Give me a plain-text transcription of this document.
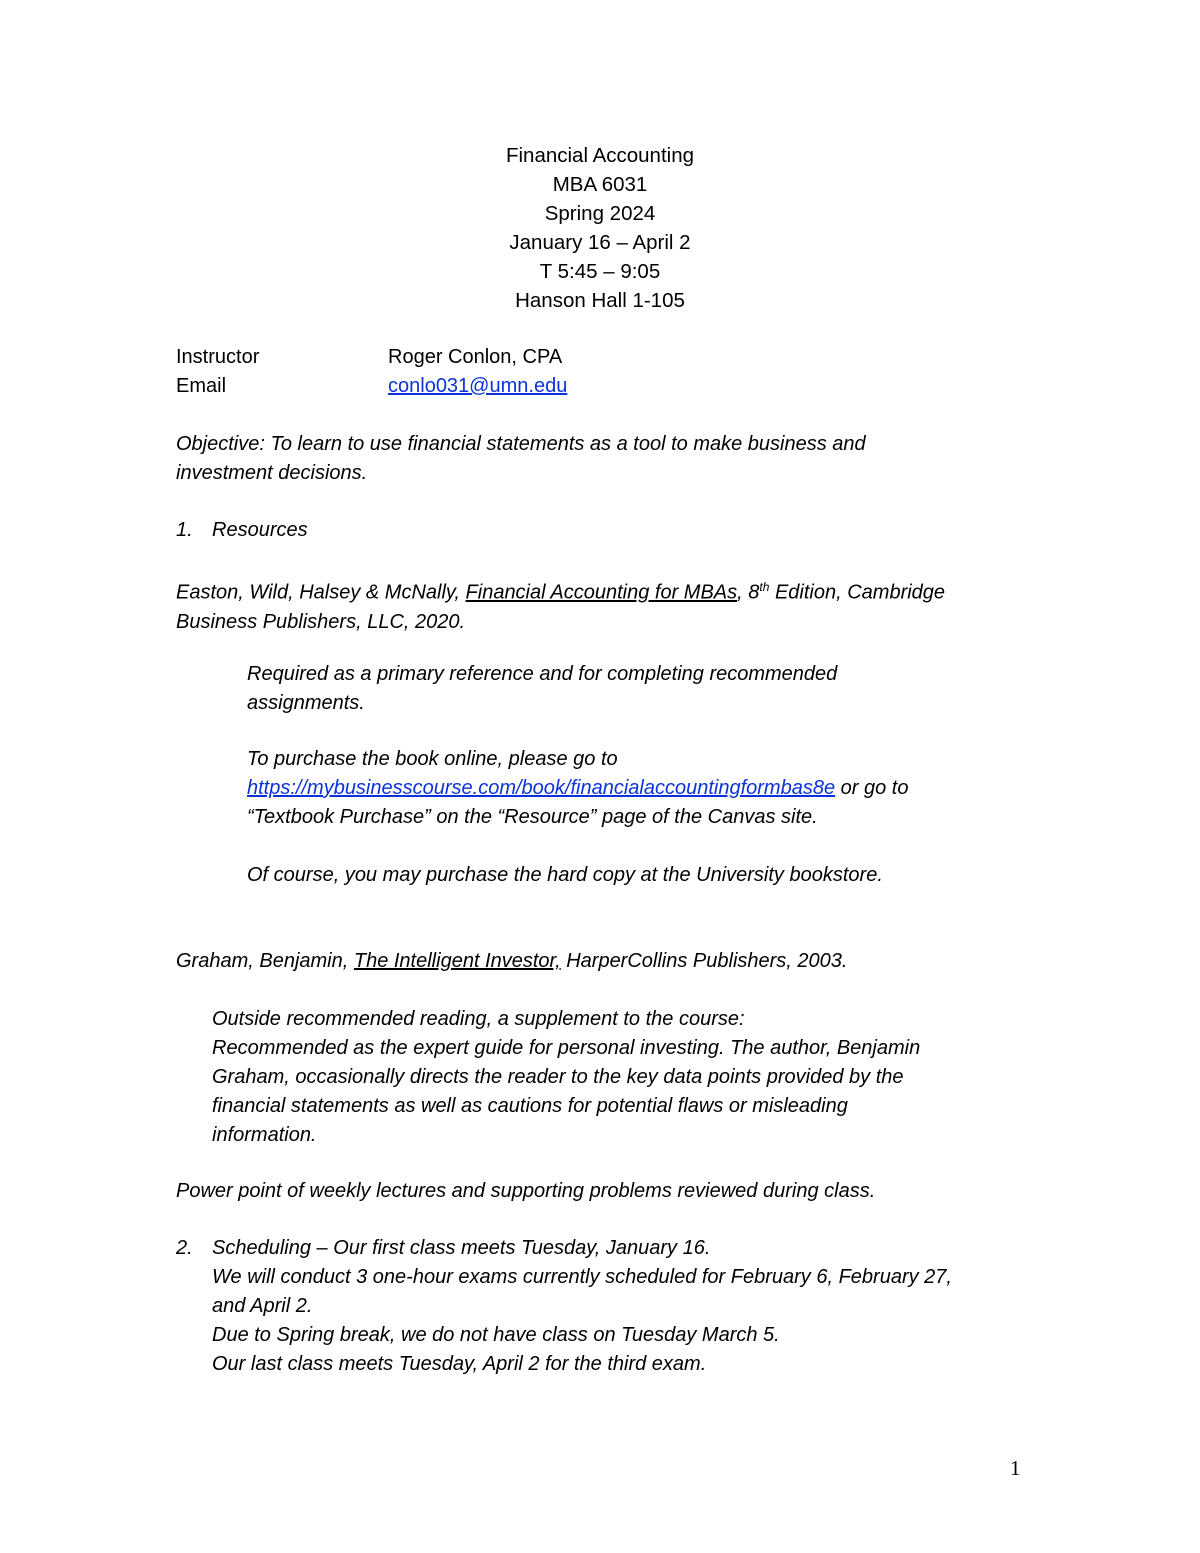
Financial Accounting
MBA 6031
Spring 2024
January 16 – April 2
T 5:45 – 9:05
Hanson Hall 1-105
Instructor	Roger Conlon, CPA
Email	conlo031@umn.edu
Objective: To learn to use financial statements as a tool to make business and
investment decisions.
1. Resources
Easton, Wild, Halsey & McNally, Financial Accounting for MBAs, 8th Edition, Cambridge
Business Publishers, LLC, 2020.
Required as a primary reference and for completing recommended
assignments.
To purchase the book online, please go to
https://mybusinesscourse.com/book/financialaccountingformbas8e or go to
“Textbook Purchase” on the “Resource” page of the Canvas site.
Of course, you may purchase the hard copy at the University bookstore.
Graham, Benjamin, The Intelligent Investor, HarperCollins Publishers, 2003.
Outside recommended reading, a supplement to the course:
Recommended as the expert guide for personal investing. The author, Benjamin
Graham, occasionally directs the reader to the key data points provided by the
financial statements as well as cautions for potential flaws or misleading
information.
Power point of weekly lectures and supporting problems reviewed during class.
2. Scheduling – Our first class meets Tuesday, January 16.
We will conduct 3 one-hour exams currently scheduled for February 6, February 27,
and April 2.
Due to Spring break, we do not have class on Tuesday March 5.
Our last class meets Tuesday, April 2 for the third exam.
1
